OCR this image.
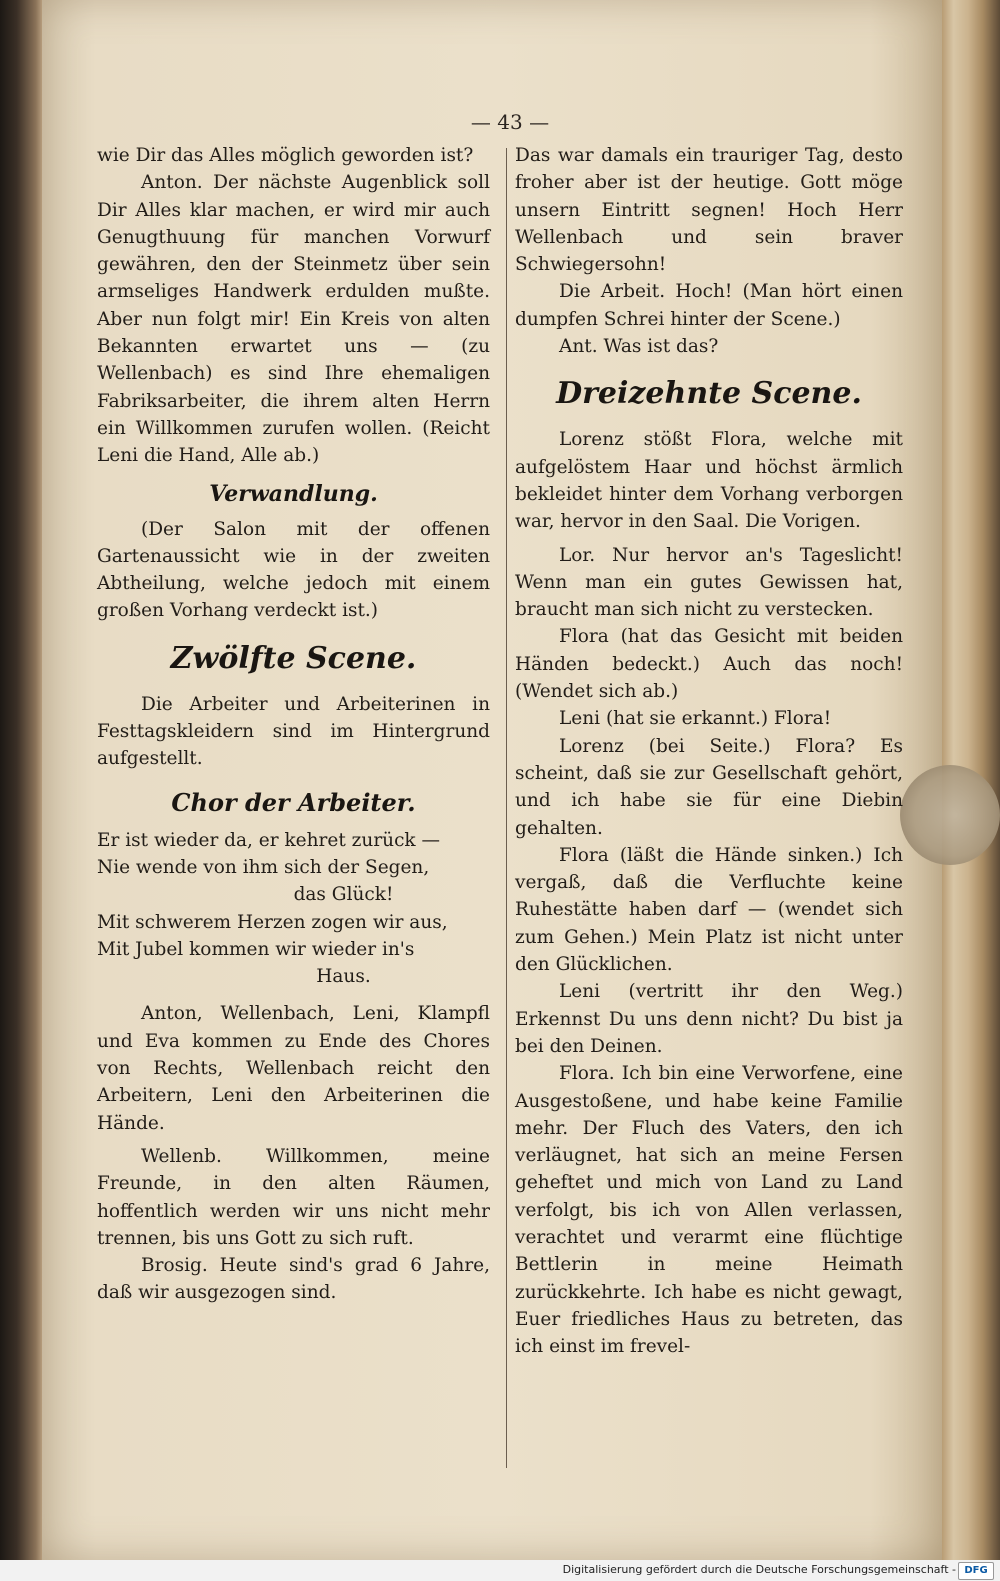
— 43 —

wie Dir das Alles möglich geworden ist?

Anton. Der nächste Augenblick soll Dir Alles klar machen, er wird mir auch Genugthuung für manchen Vorwurf gewähren, den der Steinmetz über sein armseliges Handwerk erdulden mußte. Aber nun folgt mir! Ein Kreis von alten Bekannten erwartet uns — (zu Wellenbach) es sind Ihre ehemaligen Fabriksarbeiter, die ihrem alten Herrn ein Willkommen zurufen wollen. (Reicht Leni die Hand, Alle ab.)

Verwandlung.

(Der Salon mit der offenen Gartenaussicht wie in der zweiten Abtheilung, welche jedoch mit einem großen Vorhang verdeckt ist.)

Zwölfte Scene.

Die Arbeiter und Arbeiterinen in Festtagskleidern sind im Hintergrund aufgestellt.

Chor der Arbeiter.

Er ist wieder da, er kehret zurück —

Nie wende von ihm sich der Segen,

das Glück!

Mit schwerem Herzen zogen wir aus,

Mit Jubel kommen wir wieder in's

Haus.

Anton, Wellenbach, Leni, Klampfl und Eva kommen zu Ende des Chores von Rechts, Wellenbach reicht den Arbeitern, Leni den Arbeiterinen die Hände.

Wellenb. Willkommen, meine Freunde, in den alten Räumen, hoffentlich werden wir uns nicht mehr trennen, bis uns Gott zu sich ruft.

Brosig. Heute sind's grad 6 Jahre, daß wir ausgezogen sind.

Das war damals ein trauriger Tag, desto froher aber ist der heutige. Gott möge unsern Eintritt segnen! Hoch Herr Wellenbach und sein braver Schwiegersohn!

Die Arbeit. Hoch! (Man hört einen dumpfen Schrei hinter der Scene.)

Ant. Was ist das?

Dreizehnte Scene.

Lorenz stößt Flora, welche mit aufgelöstem Haar und höchst ärmlich bekleidet hinter dem Vorhang verborgen war, hervor in den Saal. Die Vorigen.

Lor. Nur hervor an's Tageslicht! Wenn man ein gutes Gewissen hat, braucht man sich nicht zu verstecken.

Flora (hat das Gesicht mit beiden Händen bedeckt.) Auch das noch! (Wendet sich ab.)

Leni (hat sie erkannt.) Flora!

Lorenz (bei Seite.) Flora? Es scheint, daß sie zur Gesellschaft gehört, und ich habe sie für eine Diebin gehalten.

Flora (läßt die Hände sinken.) Ich vergaß, daß die Verfluchte keine Ruhestätte haben darf — (wendet sich zum Gehen.) Mein Platz ist nicht unter den Glücklichen.

Leni (vertritt ihr den Weg.) Erkennst Du uns denn nicht? Du bist ja bei den Deinen.

Flora. Ich bin eine Verworfene, eine Ausgestoßene, und habe keine Familie mehr. Der Fluch des Vaters, den ich verläugnet, hat sich an meine Fersen geheftet und mich von Land zu Land verfolgt, bis ich von Allen verlassen, verachtet und verarmt eine flüchtige Bettlerin in meine Heimath zurückkehrte. Ich habe es nicht gewagt, Euer friedliches Haus zu betreten, das ich einst im frevel-

Digitalisierung gefördert durch die Deutsche Forschungsgemeinschaft - DFG
